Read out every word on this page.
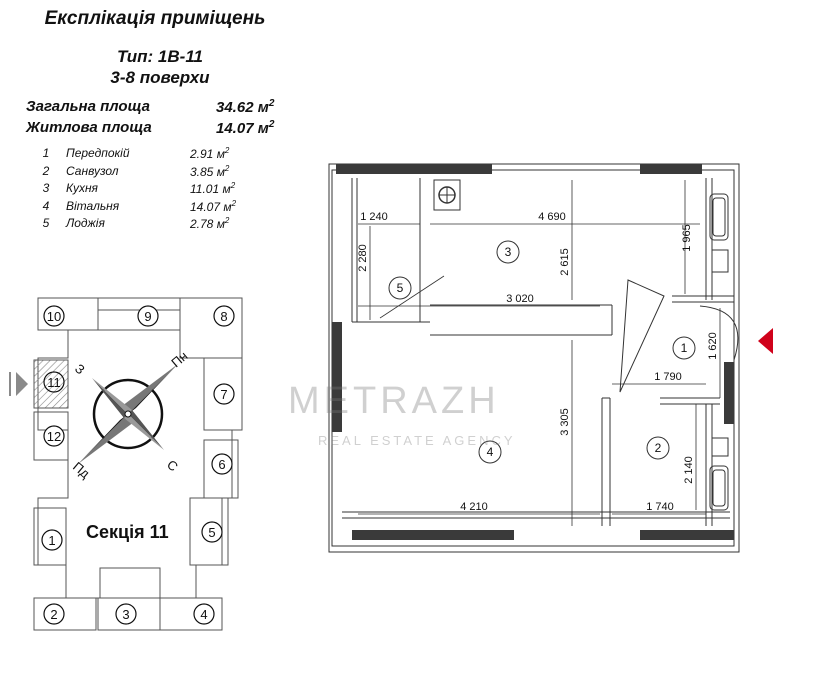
Експлікація приміщень
Тип: 1В-11
3-8 поверхи
Загальна площа	34.62 $м^2$
Житлова площа	14.07 $м^2$
1 Передпокій	2.91 $м^2$
2 Санвузол	3.85 $м^2$
3 Кухня	11.01 $м^2$
4 Вітальня	14.07 $м^2$
5 Лоджія	2.78 $м^2$
10	9	8
7
6
5
1
2	3	4
11
12
Секція 11
Пн
С
З
Пд
1 240	4 690
1 965
2 280	2 615
3 020
1 620
1 790
3 305
2 140
4 210	1 740
1
2
3
4
5
METRAZH
REAL ESTATE AGENCY
